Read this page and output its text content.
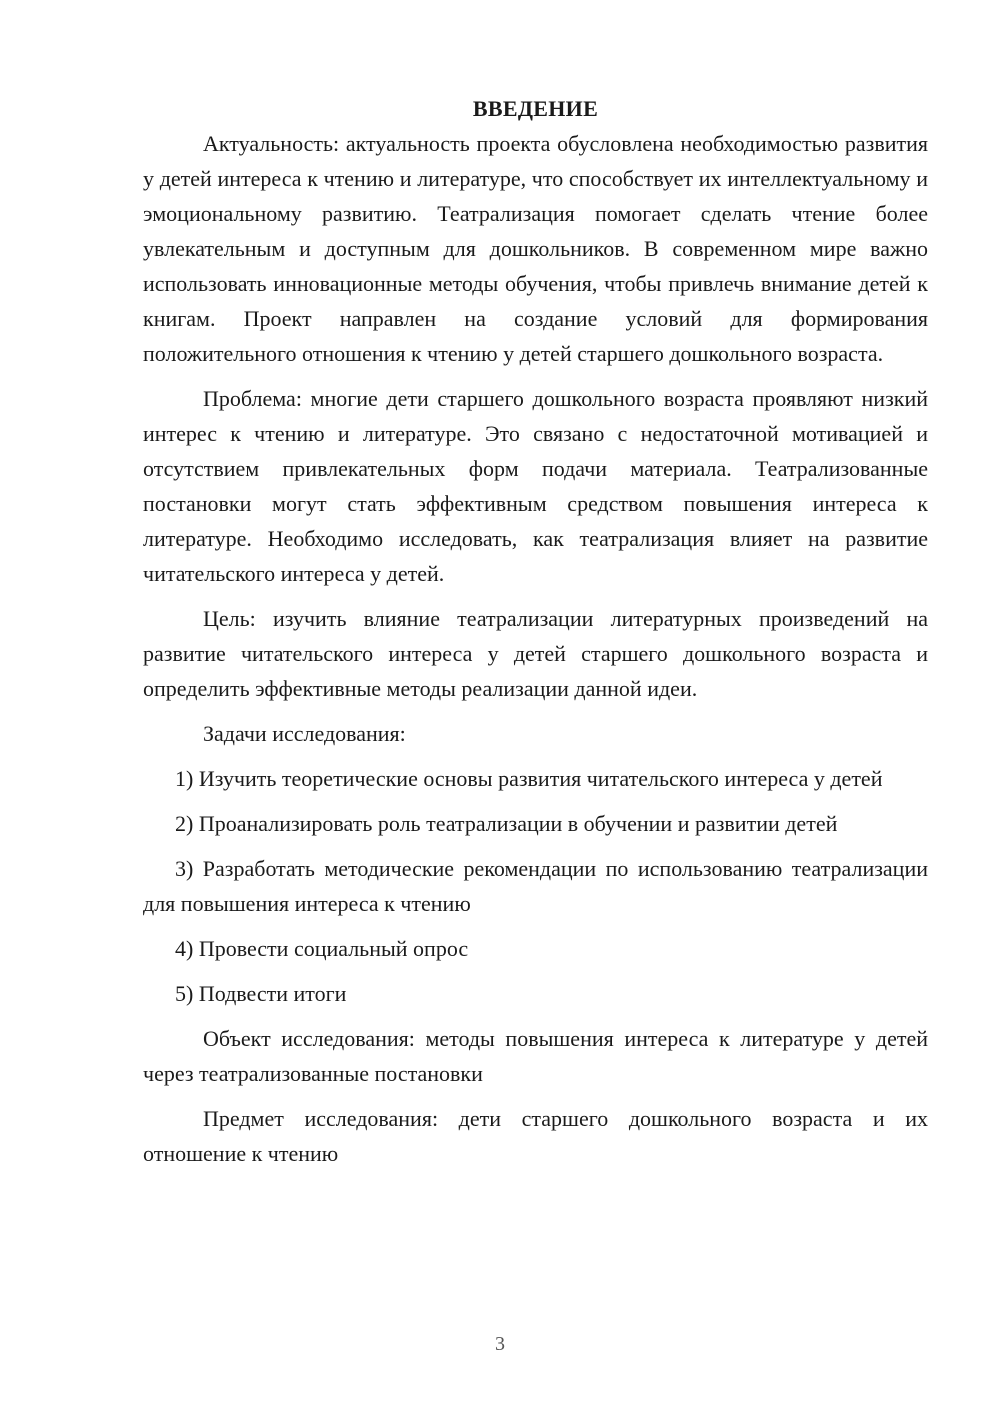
ВВЕДЕНИЕ

Актуальность: актуальность проекта обусловлена необходимостью развития у детей интереса к чтению и литературе, что способствует их интеллектуальному и эмоциональному развитию. Театрализация помогает сделать чтение более увлекательным и доступным для дошкольников. В современном мире важно использовать инновационные методы обучения, чтобы привлечь внимание детей к книгам. Проект направлен на создание условий для формирования положительного отношения к чтению у детей старшего дошкольного возраста.

Проблема: многие дети старшего дошкольного возраста проявляют низкий интерес к чтению и литературе. Это связано с недостаточной мотивацией и отсутствием привлекательных форм подачи материала. Театрализованные постановки могут стать эффективным средством повышения интереса к литературе. Необходимо исследовать, как театрализация влияет на развитие читательского интереса у детей.

Цель: изучить влияние театрализации литературных произведений на развитие читательского интереса у детей старшего дошкольного возраста и определить эффективные методы реализации данной идеи.

Задачи исследования:

1) Изучить теоретические основы развития читательского интереса у детей

2) Проанализировать роль театрализации в обучении и развитии детей

3) Разработать методические рекомендации по использованию театрализации для повышения интереса к чтению

4) Провести социальный опрос

5) Подвести итоги

Объект исследования: методы повышения интереса к литературе у детей через театрализованные постановки

Предмет исследования: дети старшего дошкольного возраста и их отношение к чтению

3
